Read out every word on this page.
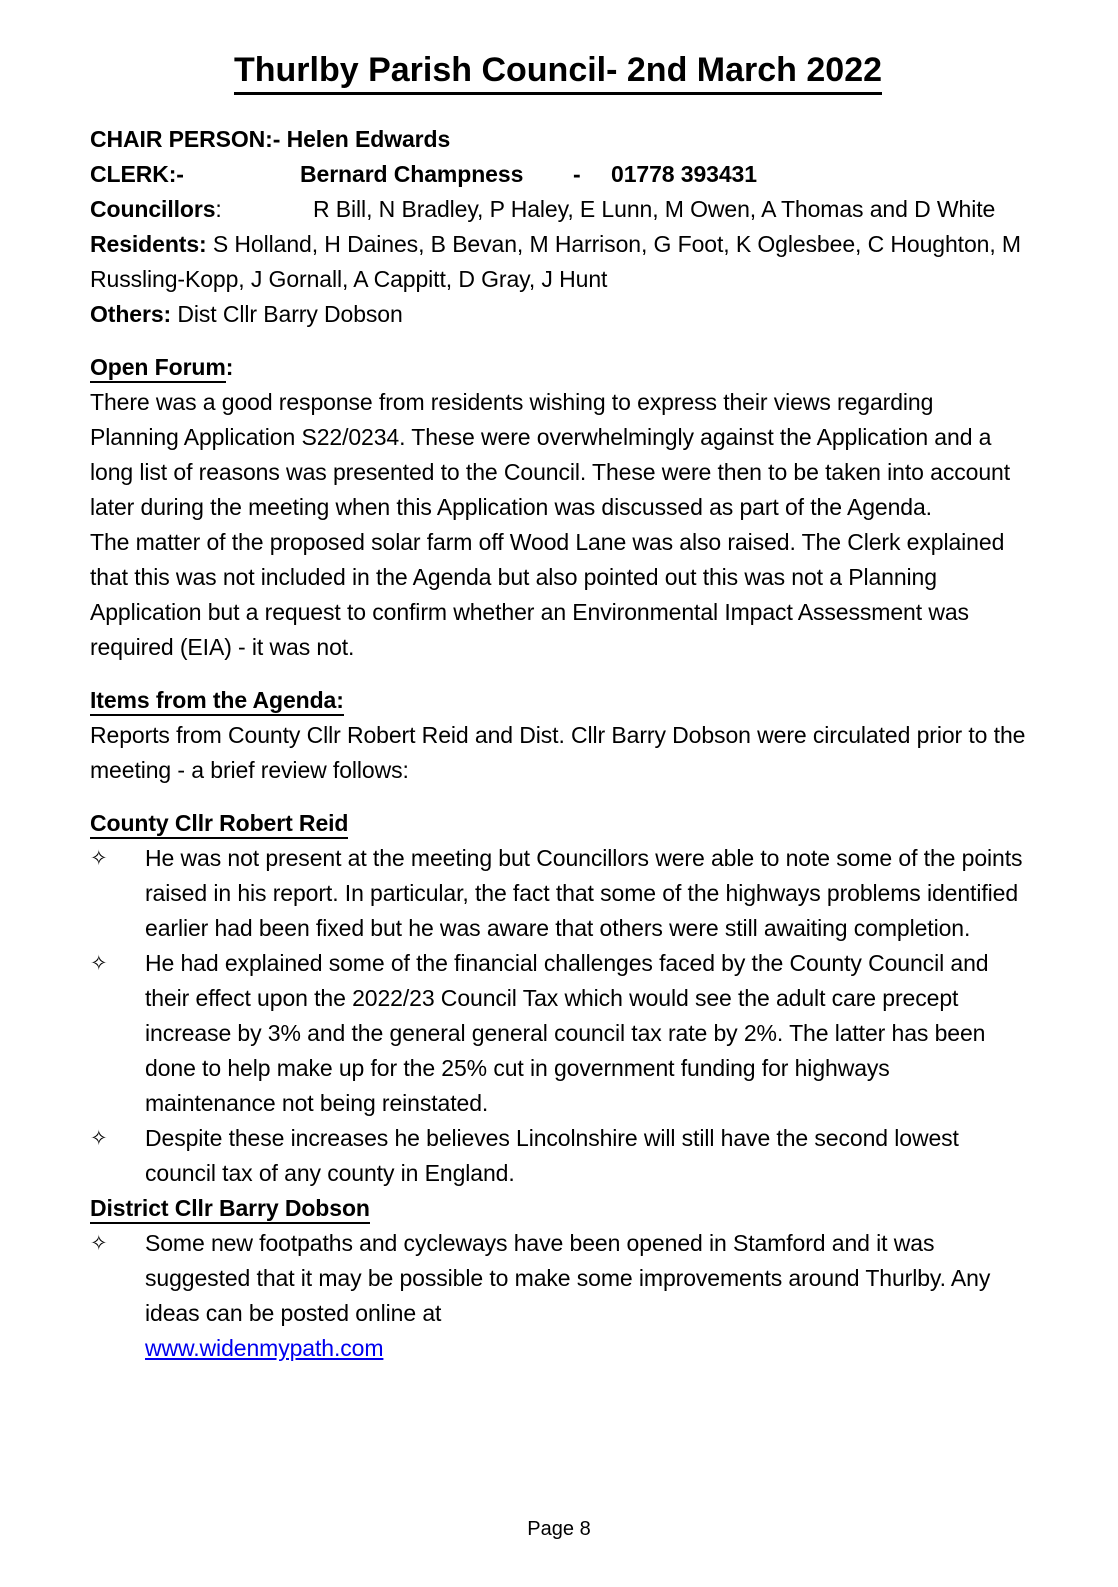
Thurlby Parish Council- 2nd March 2022
CHAIR PERSON:- Helen Edwards
CLERK:-	Bernard Champness - 01778 393431
Councillors:	R Bill, N Bradley, P Haley, E Lunn, M Owen, A Thomas and D White
Residents: S Holland, H Daines, B Bevan, M Harrison, G Foot, K Oglesbee, C Houghton, M Russling-Kopp, J Gornall, A Cappitt, D Gray, J Hunt
Others: Dist Cllr Barry Dobson
Open Forum:

There was a good response from residents wishing to express their views regarding Planning Application S22/0234. These were overwhelmingly against the Application and a long list of reasons was presented to the Council. These were then to be taken into account later during the meeting when this Application was discussed as part of the Agenda.

The matter of the proposed solar farm off Wood Lane was also raised. The Clerk explained that this was not included in the Agenda but also pointed out this was not a Planning Application but a request to confirm whether an Environmental Impact Assessment was required (EIA) - it was not.

Items from the Agenda:

Reports from County Cllr Robert Reid and Dist. Cllr Barry Dobson were circulated prior to the meeting - a brief review follows:

County Cllr Robert Reid
✧	He was not present at the meeting but Councillors were able to note some of the points raised in his report. In particular, the fact that some of the highways problems identified earlier had been fixed but he was aware that others were still awaiting completion.
✧	He had explained some of the financial challenges faced by the County Council and their effect upon the 2022/23 Council Tax which would see the adult care precept increase by 3% and the general general council tax rate by 2%. The latter has been done to help make up for the 25% cut in government funding for highways maintenance not being reinstated.
✧	Despite these increases he believes Lincolnshire will still have the second lowest council tax of any county in England.
District Cllr Barry Dobson
✧	Some new footpaths and cycleways have been opened in Stamford and it was suggested that it may be possible to make some improvements around Thurlby. Any ideas can be posted online at
www.widenmypath.com
Page 8
